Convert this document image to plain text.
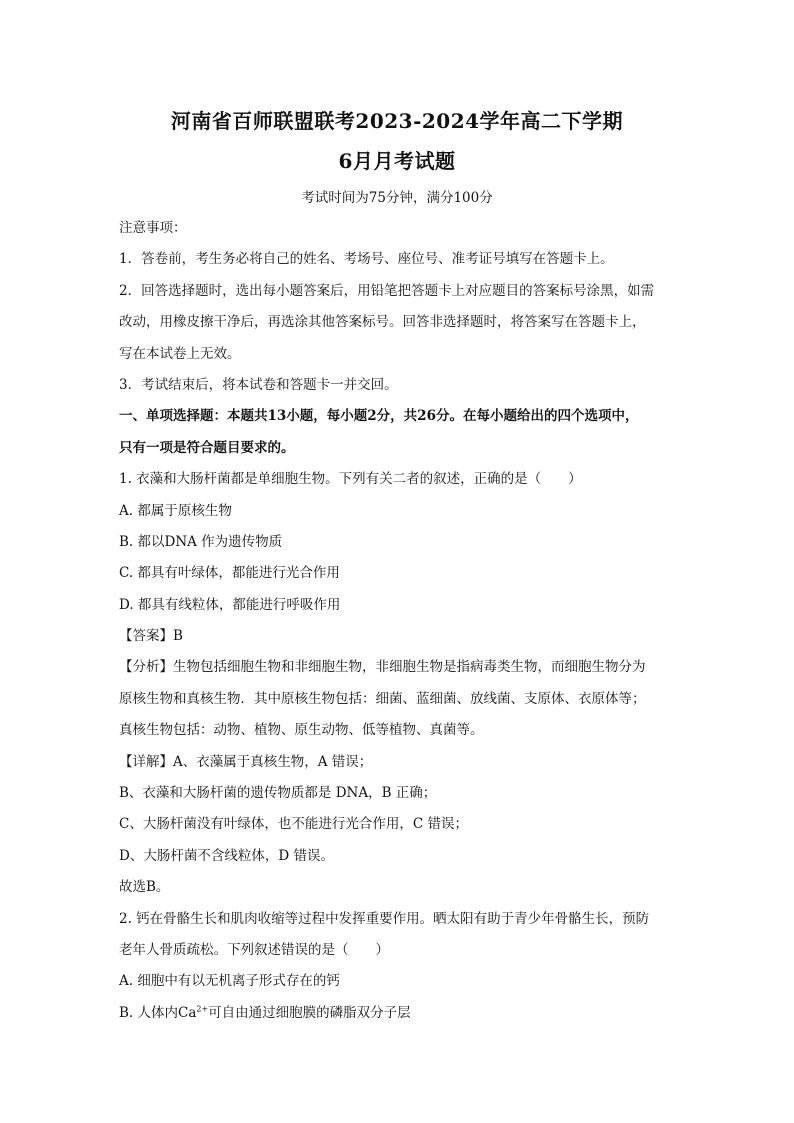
河南省百师联盟联考2023-2024学年高二下学期
6月月考试题
考试时间为75分钟，满分100分
注意事项：
1．答卷前，考生务必将自己的姓名、考场号、座位号、准考证号填写在答题卡上。
2．回答选择题时，选出每小题答案后，用铅笔把答题卡上对应题目的答案标号涂黑，如需
改动，用橡皮擦干净后，再选涂其他答案标号。回答非选择题时，将答案写在答题卡上，
写在本试卷上无效。
3．考试结束后，将本试卷和答题卡一并交回。
一、单项选择题：本题共13小题，每小题2分，共26分。在每小题给出的四个选项中，
只有一项是符合题目要求的。
1. 衣藻和大肠杆菌都是单细胞生物。下列有关二者的叙述，正确的是（　　）
A. 都属于原核生物
B. 都以DNA 作为遗传物质
C. 都具有叶绿体，都能进行光合作用
D. 都具有线粒体，都能进行呼吸作用
【答案】B
【分析】生物包括细胞生物和非细胞生物，非细胞生物是指病毒类生物，而细胞生物分为
原核生物和真核生物．其中原核生物包括：细菌、蓝细菌、放线菌、支原体、衣原体等；
真核生物包括：动物、植物、原生动物、低等植物、真菌等。
【详解】A、衣藻属于真核生物，A 错误；
B、衣藻和大肠杆菌的遗传物质都是 DNA，B 正确；
C、大肠杆菌没有叶绿体，也不能进行光合作用，C 错误；
D、大肠杆菌不含线粒体，D 错误。
故选B。
2. 钙在骨骼生长和肌肉收缩等过程中发挥重要作用。晒太阳有助于青少年骨骼生长，预防
老年人骨质疏松。下列叙述错误的是（　　）
A. 细胞中有以无机离子形式存在的钙
B. 人体内$Ca^{2+}$可自由通过细胞膜的磷脂双分子层
